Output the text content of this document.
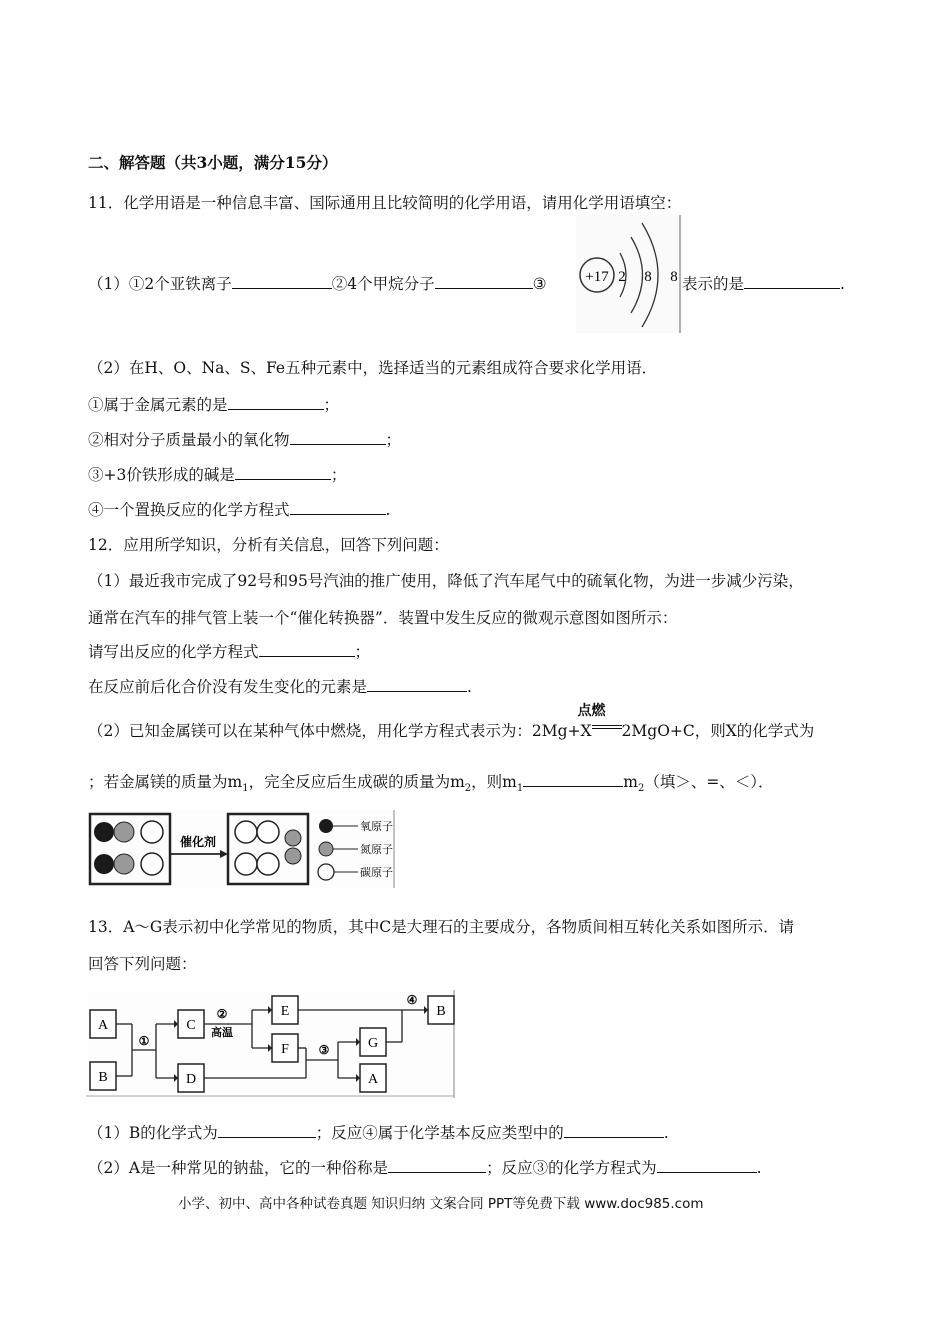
二、解答题（共3小题，满分15分）
11．化学用语是一种信息丰富、国际通用且比较简明的化学用语，请用化学用语填空：
（1）①2个亚铁离子	②4个甲烷分子	③	+17 2 8 8 表示的是	.
（2）在H、O、Na、S、Fe五种元素中，选择适当的元素组成符合要求化学用语．
①属于金属元素的是	；
②相对分子质量最小的氧化物	；
③+3价铁形成的碱是	；
④一个置换反应的化学方程式	.
12．应用所学知识，分析有关信息，回答下列问题：
（1）最近我市完成了92号和95号汽油的推广使用，降低了汽车尾气中的硫氧化物，为进一步减少污染，
通常在汽车的排气管上装一个“催化转换器”．装置中发生反应的微观示意图如图所示：
请写出反应的化学方程式	；
在反应前后化合价没有发生变化的元素是	.
（2）已知金属镁可以在某种气体中燃烧，用化学方程式表示为：2Mg+X
点燃
2MgO+C，则X的化学式为
；若金属镁的质量为$m_1$，完全反应后生成碳的质量为$m_2$，则$m_1$	$m_2$（填＞、=、＜）．
催化剂
氧原子
氮原子
碳原子
13．A～G表示初中化学常见的物质，其中C是大理石的主要成分，各物质间相互转化关系如图所示．请
回答下列问题：
A
B
C
D
E
F	G
A
B
①
②
高温
③
④
（1）B的化学式为	；反应④属于化学基本反应类型中的	.
（2）A是一种常见的钠盐，它的一种俗称是	；反应③的化学方程式为	.
小学、初中、高中各种试卷真题 知识归纳 文案合同 PPT等免费下载 www.doc985.com
